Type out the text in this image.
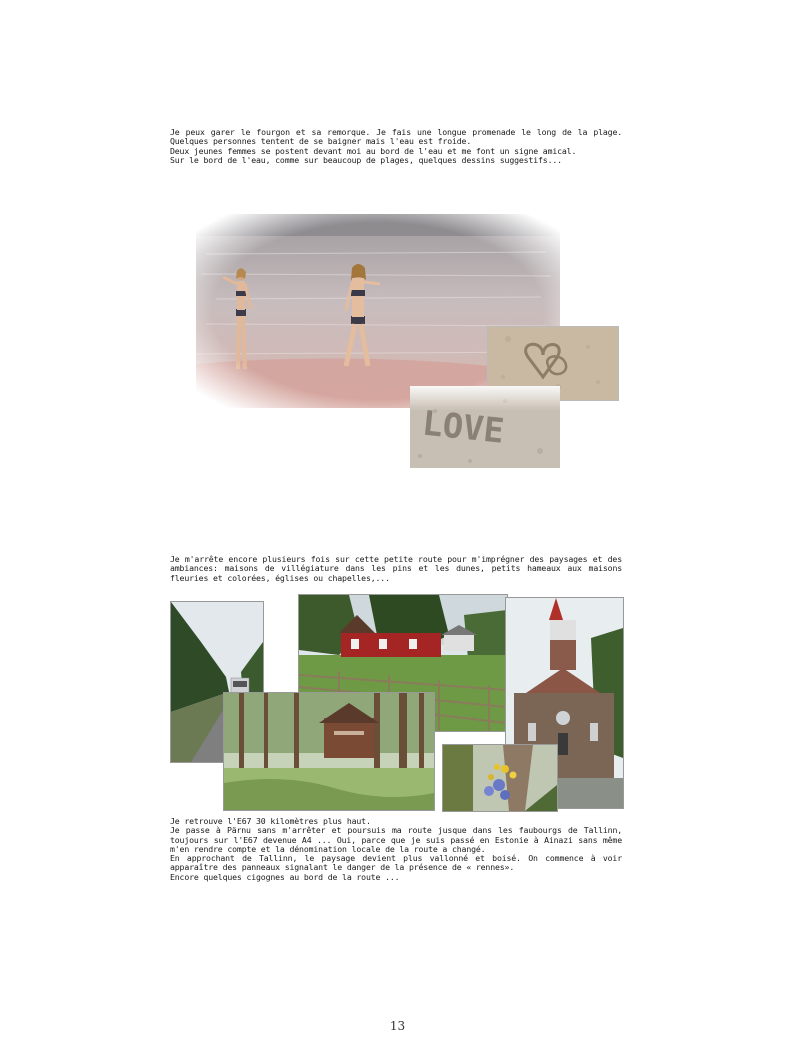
Je peux garer le fourgon et sa remorque. Je fais une longue promenade le long de la plage. Quelques personnes tentent de se baigner mais l'eau est froide.

Deux jeunes femmes se postent devant moi au bord de l'eau et me font un signe amical.

Sur le bord de l'eau, comme sur beaucoup de plages, quelques dessins suggestifs...

Je m'arrête encore plusieurs fois sur cette petite route pour m'imprégner des paysages et des ambiances: maisons de villégiature dans les pins et les dunes, petits hameaux aux maisons fleuries et colorées, églises ou chapelles,...

Je retrouve l'E67 30 kilomètres plus haut.

Je passe à Pärnu sans m'arrêter et poursuis ma route jusque dans les faubourgs de Tallinn, toujours sur l'E67 devenue A4 ... Oui, parce que je suis passé en Estonie à Ainazi sans même m'en rendre compte et la dénomination locale de la route a changé.

En approchant de Tallinn, le paysage devient plus vallonné et boisé. On commence à voir apparaître des panneaux signalant le danger de la présence de « rennes».

Encore quelques cigognes au bord de la route ...

13
